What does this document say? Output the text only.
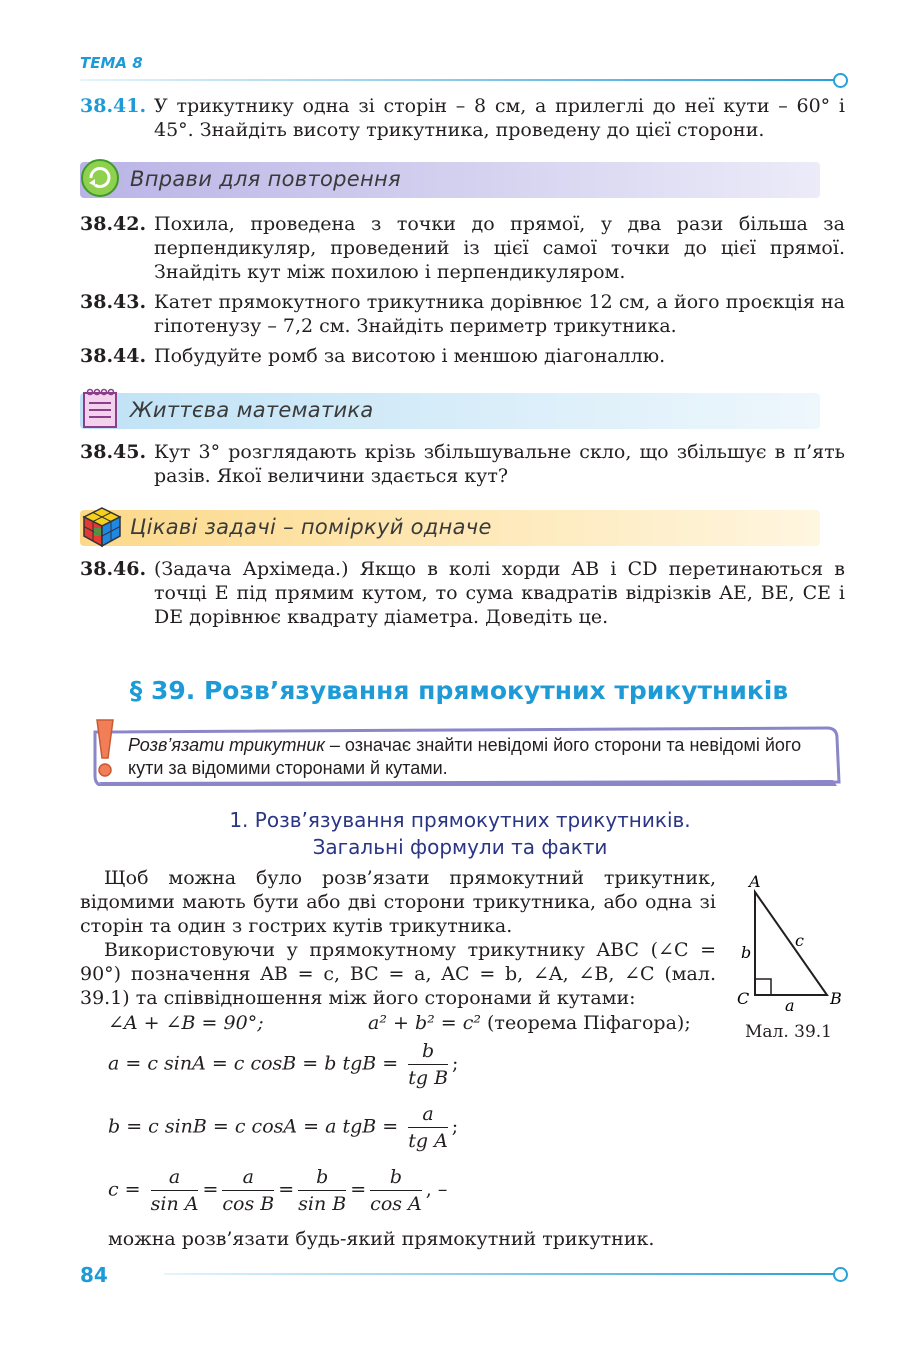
ТЕМА 8
38.41. У трикутнику одна зі сторін – 8 см, а прилеглі до неї кути – 60° і 45°. Знайдіть висоту трикутника, проведену до цієї сторони.
Вправи для повторення
38.42. Похила, проведена з точки до прямої, у два рази більша за перпендикуляр, проведений із цієї самої точки до цієї прямої. Знайдіть кут між похилою і перпендикуляром.
38.43. Катет прямокутного трикутника дорівнює 12 см, а його проєкція на гіпотенузу – 7,2 см. Знайдіть периметр трикутника.
38.44. Побудуйте ромб за висотою і меншою діагоналлю.
Життєва математика
38.45. Кут 3° розглядають крізь збільшувальне скло, що збільшує в п’ять разів. Якої величини здається кут?
Цікаві задачі – поміркуй одначе
38.46. (Задача Архімеда.) Якщо в колі хорди AB і CD перетинаються в точці E під прямим кутом, то сума квадратів відрізків AE, BE, CE і DE дорівнює квадрату діаметра. Доведіть це.
§ 39. Розв’язування прямокутних трикутників
Розв’язати трикутник – означає знайти невідомі його сторони та невідомі його кути за відомими сторонами й кутами.
1. Розв’язування прямокутних трикутників.
Загальні формули та факти
Щоб можна було розв’язати прямокутний трикутник, відомими мають бути або дві сторони трикутника, або одна зі сторін та один з гострих кутів трикутника.
Використовуючи у прямокутному трикутнику ABC (∠C = 90°) позначення AB = c, BC = a, AC = b, ∠A, ∠B, ∠C (мал. 39.1) та співвідношення між його сторонами й кутами:
A
B
C a
b
c
Мал. 39.1
∠A + ∠B = 90°;	a² + b² = c² (теорема Піфагора);
a = c sinA = c cosB = b tgB = $\frac{b}{\text{tg B}}$ ;
b = c sinB = c cosA = a tgB = $\frac{a}{\text{tg A}}$ ;
$c = \frac{a}{\text{sin A}} = \frac{a}{\text{cos B}} = \frac{b}{\text{sin B}} = \frac{b}{\text{cos A}}$ , –
можна розв’язати будь-який прямокутний трикутник.
84
